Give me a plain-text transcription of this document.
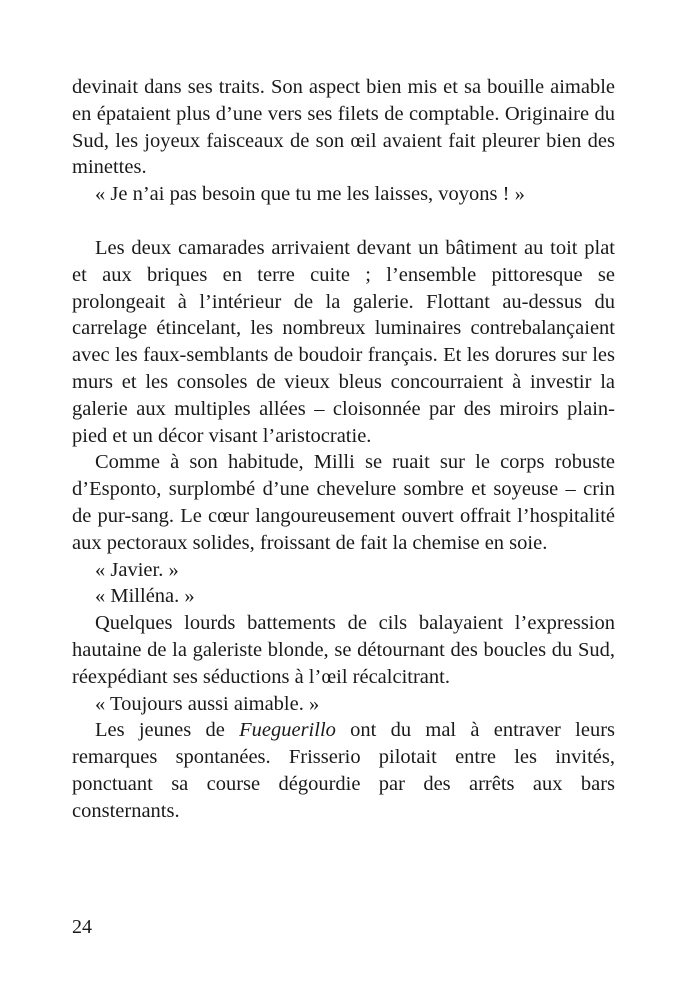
devinait dans ses traits. Son aspect bien mis et sa bouille aimable en épataient plus d’une vers ses filets de comptable. Originaire du Sud, les joyeux faisceaux de son œil avaient fait pleurer bien des minettes.

« Je n’ai pas besoin que tu me les laisses, voyons ! »

Les deux camarades arrivaient devant un bâtiment au toit plat et aux briques en terre cuite ; l’ensemble pittoresque se prolongeait à l’intérieur de la galerie. Flottant au-dessus du carrelage étincelant, les nombreux luminaires contrebalançaient avec les faux-semblants de boudoir français. Et les dorures sur les murs et les consoles de vieux bleus concourraient à investir la galerie aux multiples allées – cloisonnée par des miroirs plain-pied et un décor visant l’aristocratie.

Comme à son habitude, Milli se ruait sur le corps robuste d’Esponto, surplombé d’une chevelure sombre et soyeuse – crin de pur-sang. Le cœur langoureusement ouvert offrait l’hospitalité aux pectoraux solides, froissant de fait la chemise en soie.

« Javier. »

« Milléna. »

Quelques lourds battements de cils balayaient l’expression hautaine de la galeriste blonde, se détournant des boucles du Sud, réexpédiant ses séductions à l’œil récalcitrant.

« Toujours aussi aimable. »

Les jeunes de Fueguerillo ont du mal à entraver leurs remarques spontanées. Frisserio pilotait entre les invités, ponctuant sa course dégourdie par des arrêts aux bars consternants.

24
